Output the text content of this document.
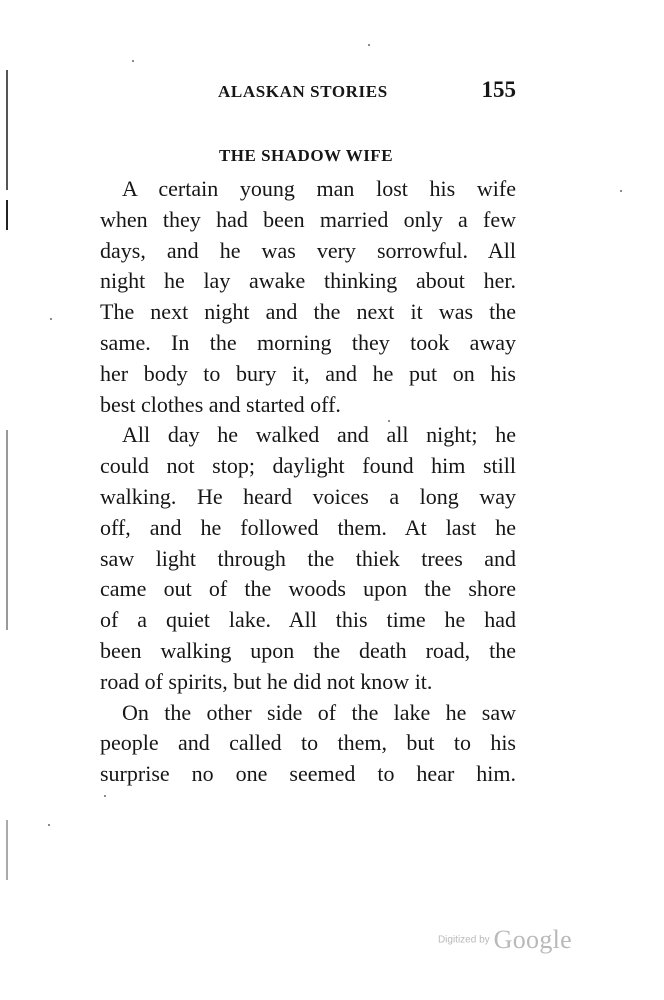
ALASKAN STORIES	155
THE SHADOW WIFE
A certain young man lost his wife
when they had been married only a few
days, and he was very sorrowful. All
night he lay awake thinking about her.
The next night and the next it was the
same. In the morning they took away
her body to bury it, and he put on his
best clothes and started off.
All day he walked and all night; he
could not stop; daylight found him still
walking. He heard voices a long way
off, and he followed them. At last he
saw light through the thiek trees and
came out of the woods upon the shore
of a quiet lake. All this time he had
been walking upon the death road, the
road of spirits, but he did not know it.
On the other side of the lake he saw
people and called to them, but to his
surprise no one seemed to hear him.
Digitized by Google
